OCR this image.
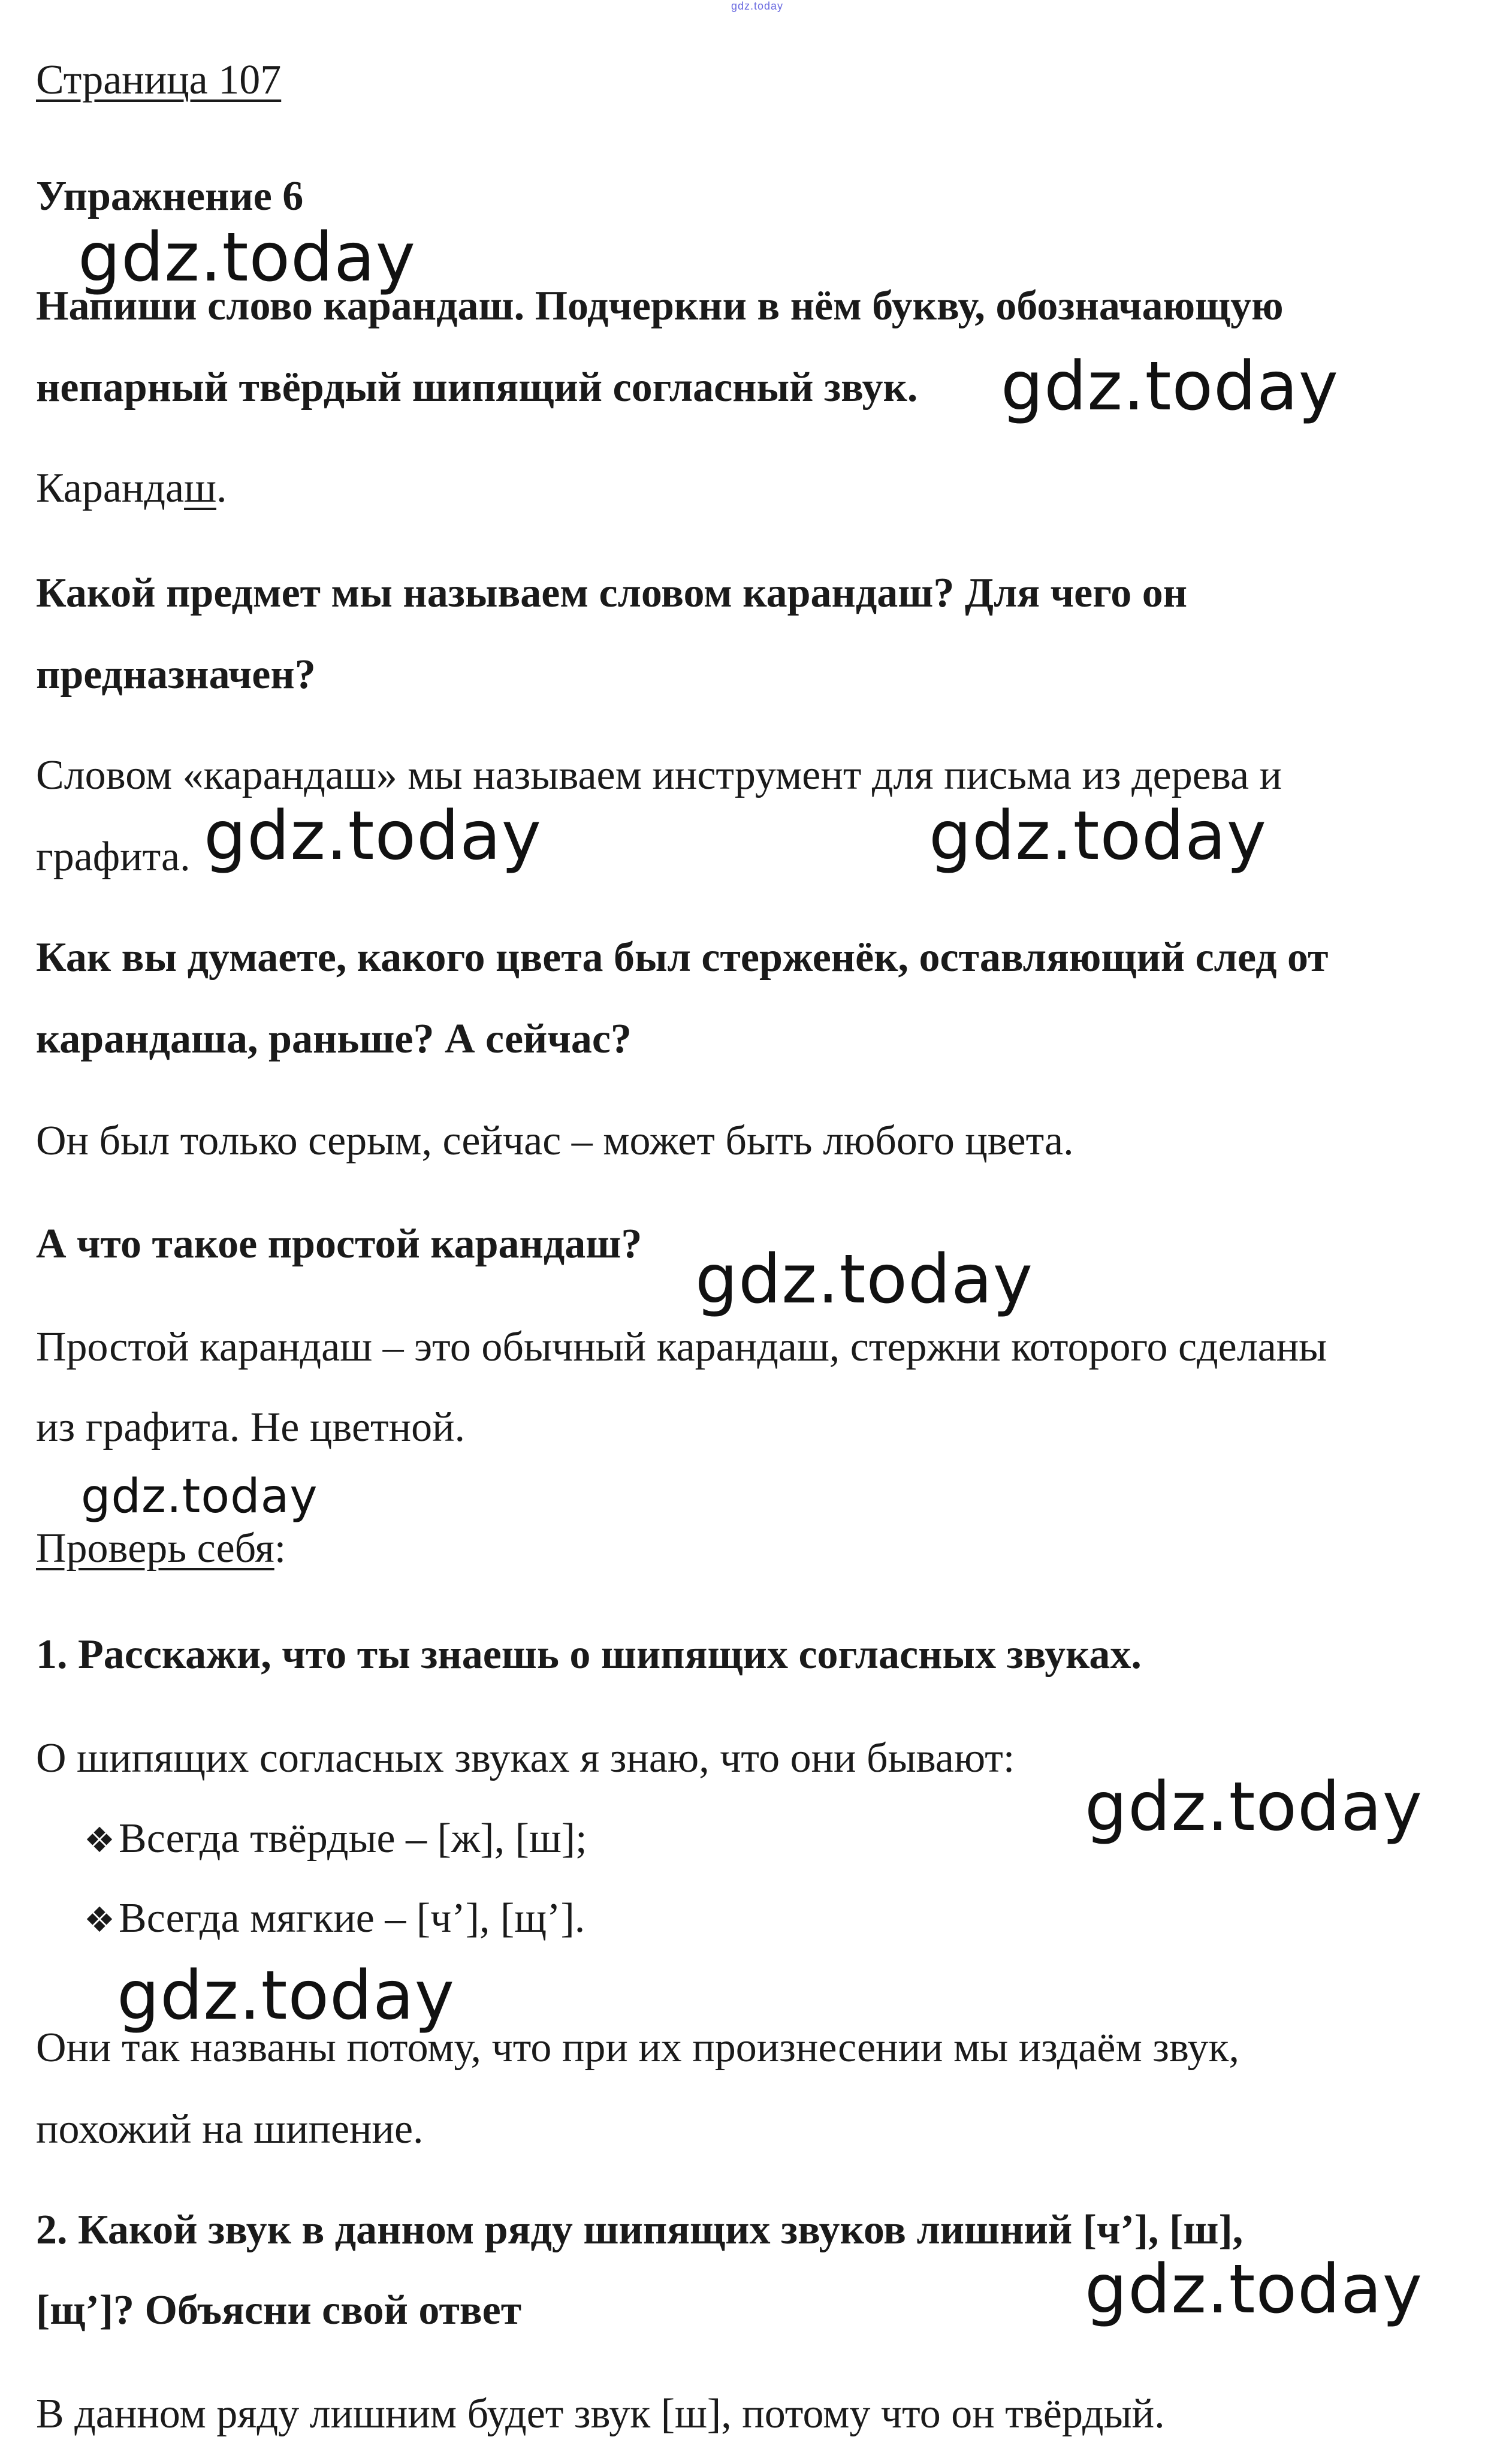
gdz.today

Страница 107

Упражнение 6

Напиши слово карандаш. Подчеркни в нём букву, обозначающую

непарный твёрдый шипящий согласный звук.

Карандаш.

Какой предмет мы называем словом карандаш? Для чего он

предназначен?

Словом «карандаш» мы называем инструмент для письма из дерева и

графита.

Как вы думаете, какого цвета был стерженёк, оставляющий след от

карандаша, раньше? А сейчас?

Он был только серым, сейчас – может быть любого цвета.

А что такое простой карандаш?

Простой карандаш – это обычный карандаш, стержни которого сделаны

из графита. Не цветной.

Проверь себя:

1. Расскажи, что ты знаешь о шипящих согласных звуках.

О шипящих согласных звуках я знаю, что они бывают:

❖Всегда твёрдые – [ж], [ш];
❖Всегда мягкие – [ч’], [щ’].

Они так названы потому, что при их произнесении мы издаём звук,

похожий на шипение.

2. Какой звук в данном ряду шипящих звуков лишний [ч’], [ш],

[щ’]? Объясни свой ответ

В данном ряду лишним будет звук [ш], потому что он твёрдый.

gdz.today
gdz.today
gdz.today	gdz.today
gdz.today
gdz.today
gdz.today
gdz.today
gdz.today
